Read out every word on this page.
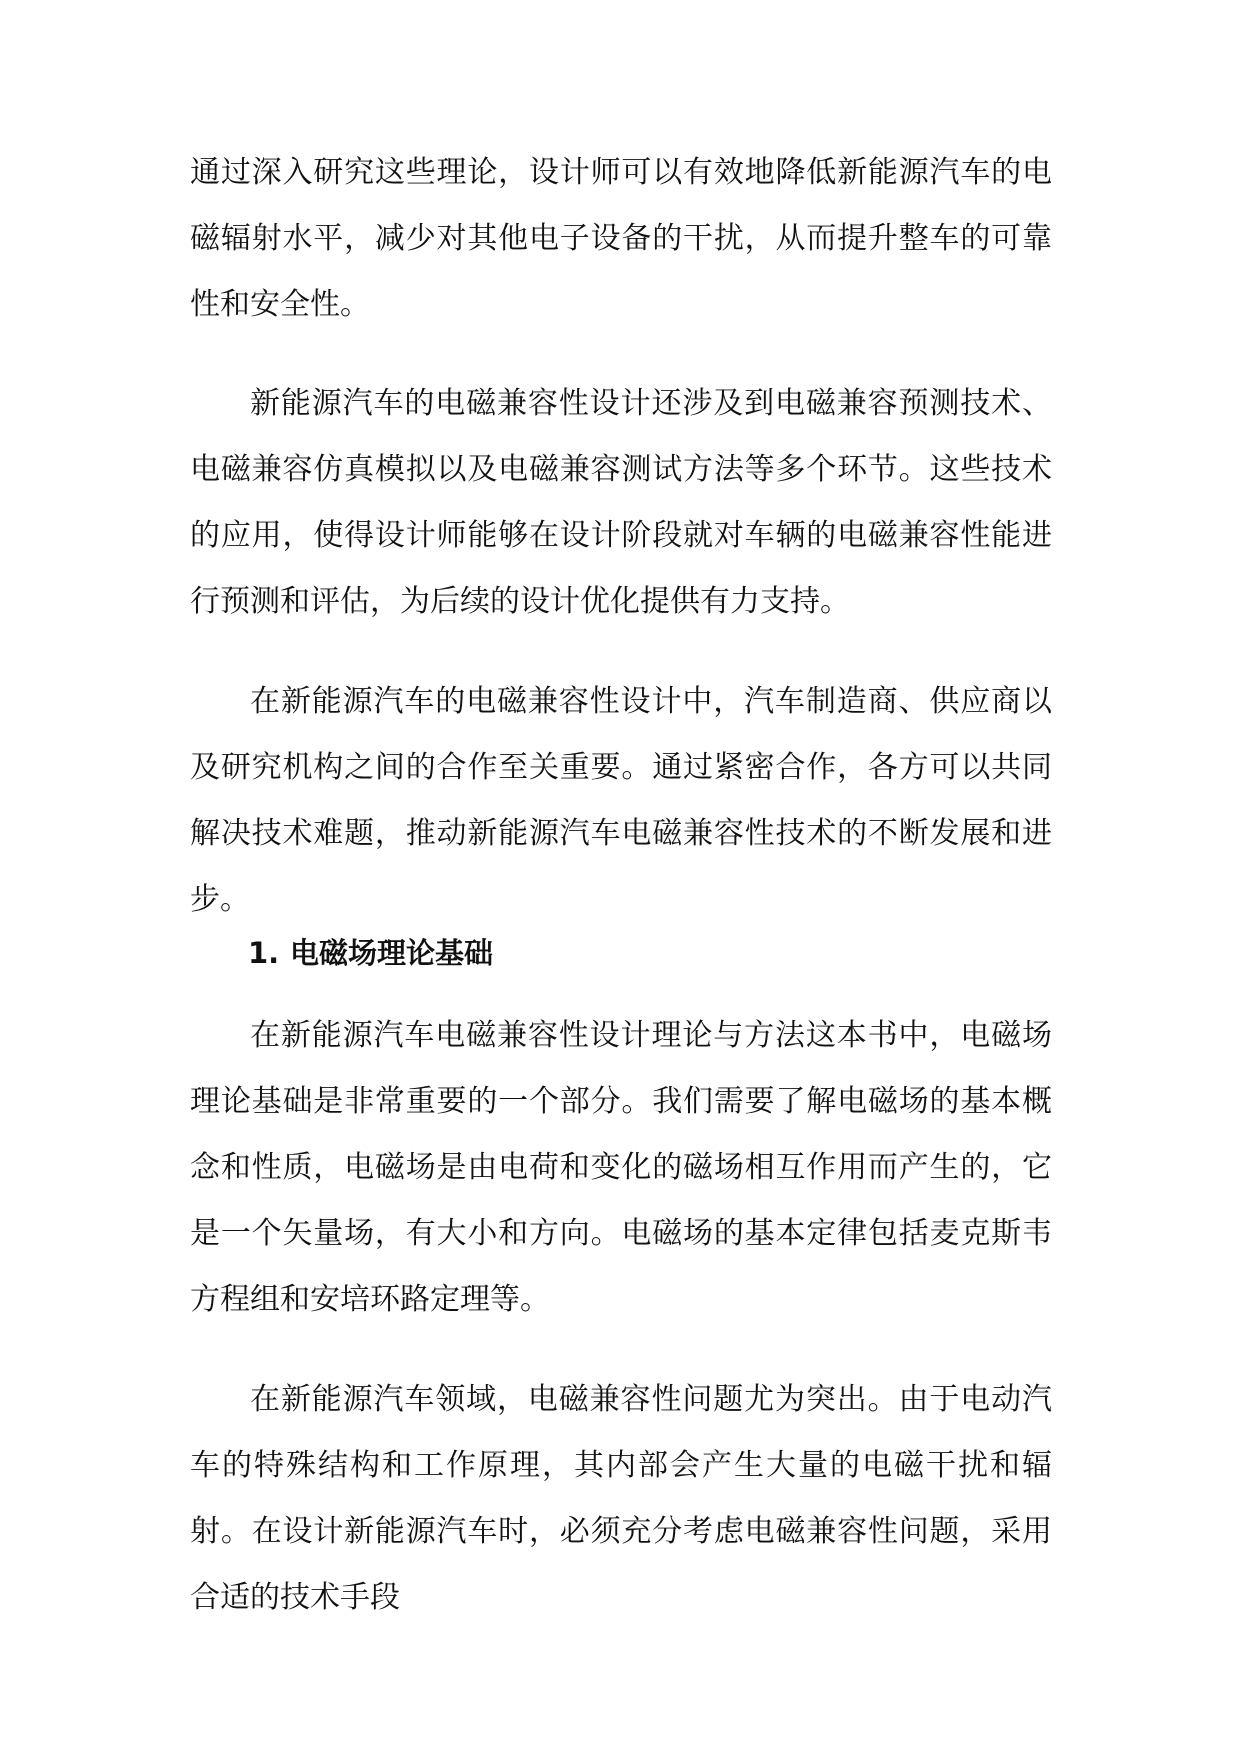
通过深入研究这些理论，设计师可以有效地降低新能源汽车的电磁辐射水平，减少对其他电子设备的干扰，从而提升整车的可靠性和安全性。

新能源汽车的电磁兼容性设计还涉及到电磁兼容预测技术、电磁兼容仿真模拟以及电磁兼容测试方法等多个环节。这些技术的应用，使得设计师能够在设计阶段就对车辆的电磁兼容性能进行预测和评估，为后续的设计优化提供有力支持。

在新能源汽车的电磁兼容性设计中，汽车制造商、供应商以及研究机构之间的合作至关重要。通过紧密合作，各方可以共同解决技术难题，推动新能源汽车电磁兼容性技术的不断发展和进步。

1. 电磁场理论基础

在新能源汽车电磁兼容性设计理论与方法这本书中，电磁场理论基础是非常重要的一个部分。我们需要了解电磁场的基本概念和性质，电磁场是由电荷和变化的磁场相互作用而产生的，它是一个矢量场，有大小和方向。电磁场的基本定律包括麦克斯韦方程组和安培环路定理等。

在新能源汽车领域，电磁兼容性问题尤为突出。由于电动汽车的特殊结构和工作原理，其内部会产生大量的电磁干扰和辐射。在设计新能源汽车时，必须充分考虑电磁兼容性问题，采用合适的技术手段
